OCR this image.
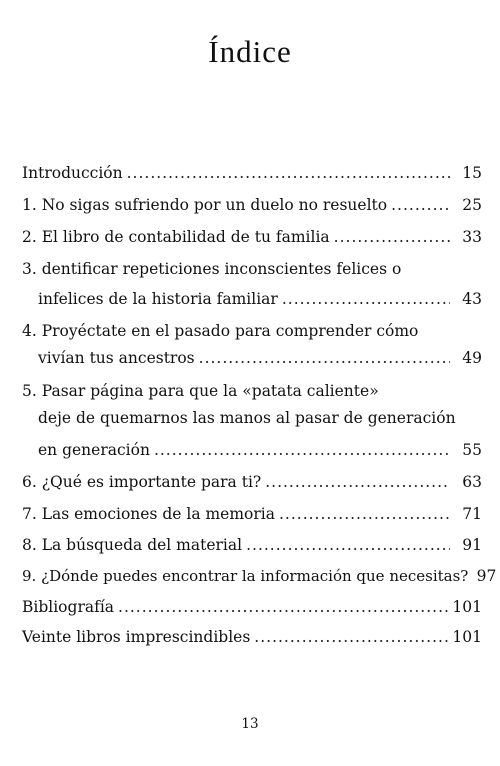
Índice
Introducción .....	15
1. No sigas sufriendo por un duelo no resuelto .....	25
2. El libro de contabilidad de tu familia .....	33
3. dentificar repeticiones inconscientes felices o
infelices de la historia familiar .....	43
4. Proyéctate en el pasado para comprender cómo
vivían tus ancestros .....	49
5. Pasar página para que la «patata caliente»
deje de quemarnos las manos al pasar de generación
en generación .....	55
6. ¿Qué es importante para ti? .....	63
7. Las emociones de la memoria .....	71
8. La búsqueda del material .....	91
9. ¿Dónde puedes encontrar la información que necesitas? 97
Bibliografía .....	101
Veinte libros imprescindibles .....	101
13
